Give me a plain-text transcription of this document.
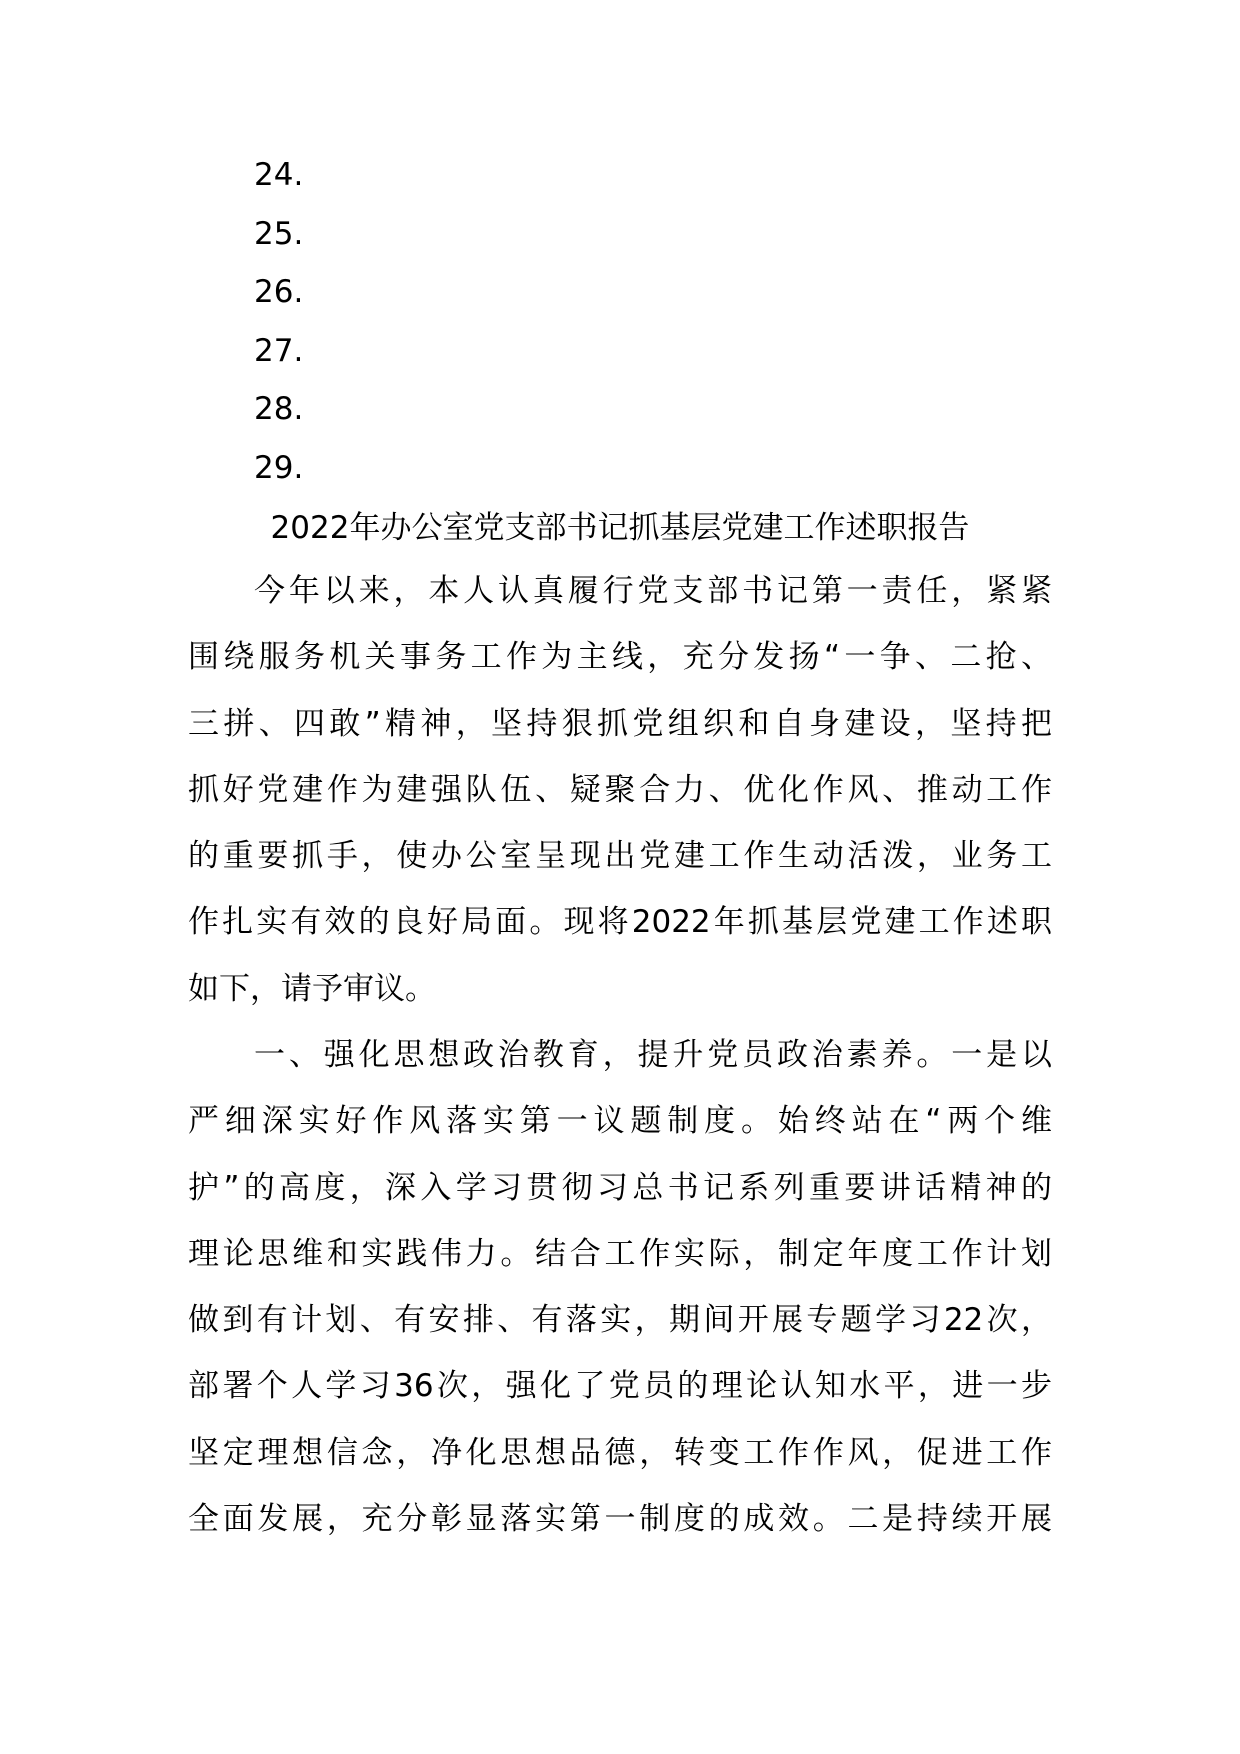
24.
25.
26.
27.
28.
29.
2022年办公室党支部书记抓基层党建工作述职报告
今年以来，本人认真履行党支部书记第一责任，紧紧
围绕服务机关事务工作为主线，充分发扬“一争、二抢、
三拼、四敢”精神，坚持狠抓党组织和自身建设，坚持把
抓好党建作为建强队伍、疑聚合力、优化作风、推动工作
的重要抓手，使办公室呈现出党建工作生动活泼，业务工
作扎实有效的良好局面。现将2022年抓基层党建工作述职
如下，请予审议。
一、强化思想政治教育，提升党员政治素养。一是以
严细深实好作风落实第一议题制度。始终站在“两个维
护”的高度，深入学习贯彻习总书记系列重要讲话精神的
理论思维和实践伟力。结合工作实际，制定年度工作计划
做到有计划、有安排、有落实，期间开展专题学习22次，
部署个人学习36次，强化了党员的理论认知水平，进一步
坚定理想信念，净化思想品德，转变工作作风，促进工作
全面发展，充分彰显落实第一制度的成效。二是持续开展
